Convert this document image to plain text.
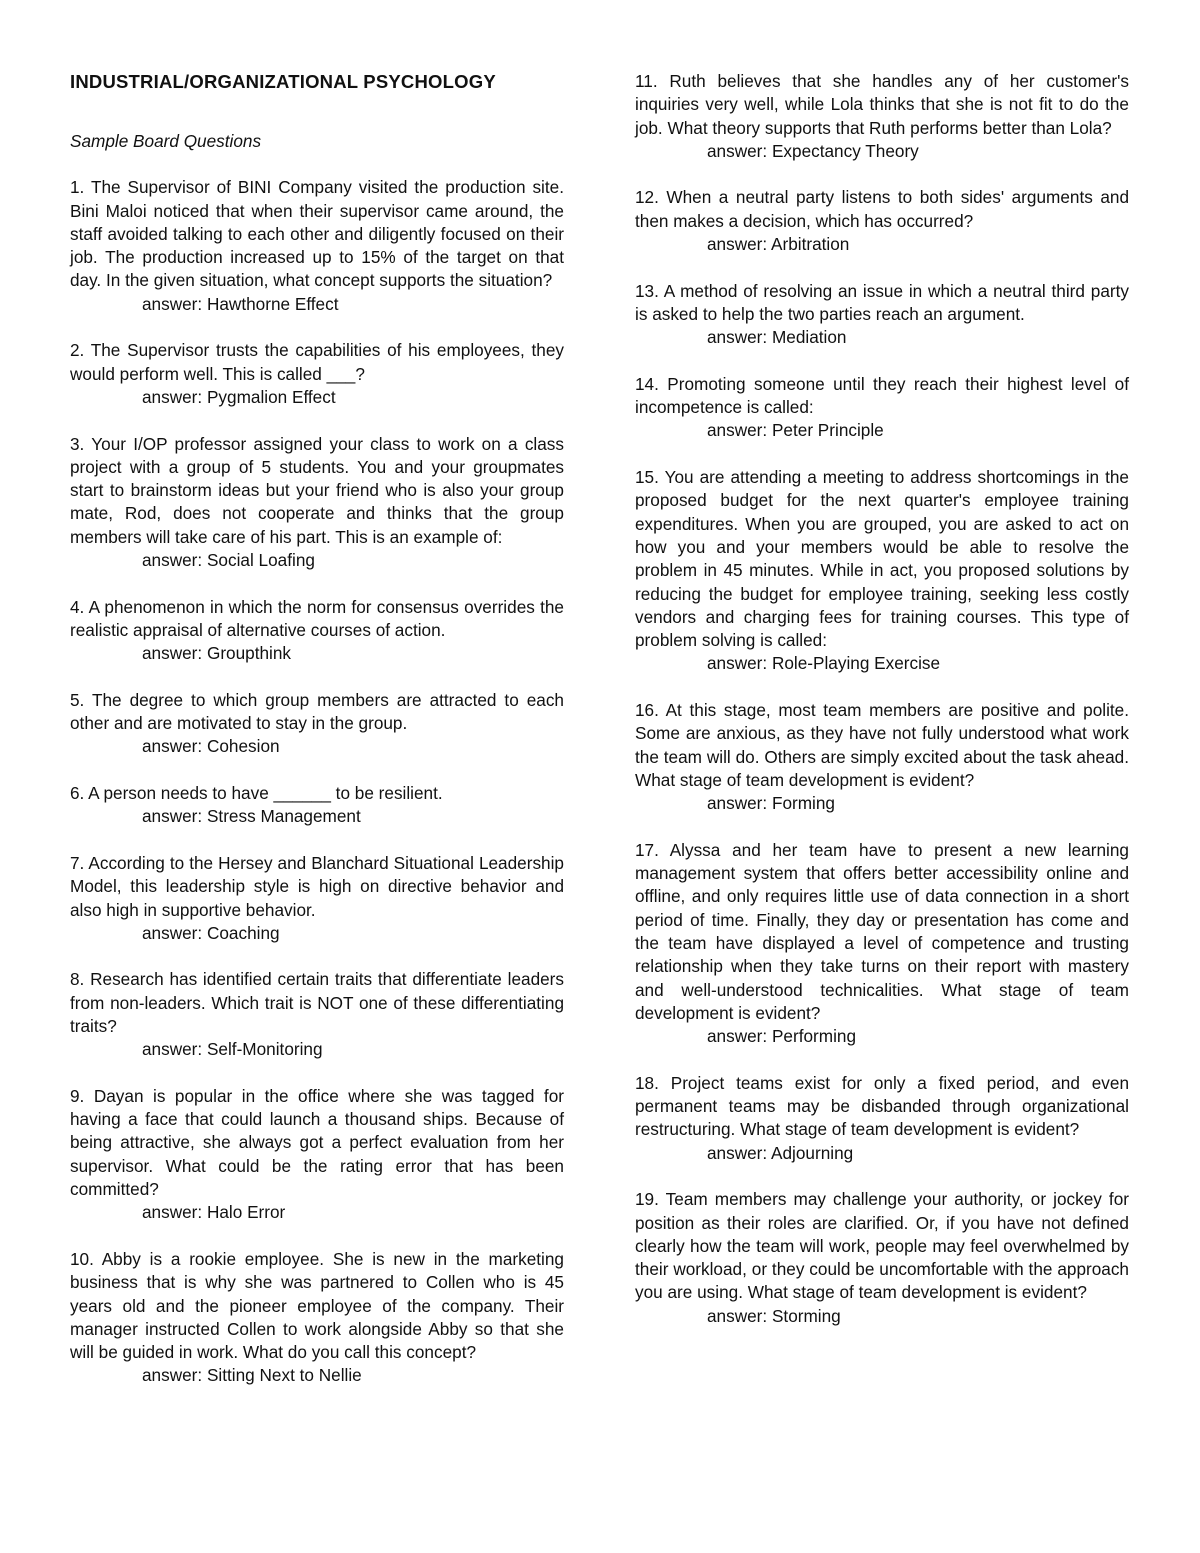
INDUSTRIAL/ORGANIZATIONAL PSYCHOLOGY

Sample Board Questions

1. The Supervisor of BINI Company visited the production site. Bini Maloi noticed that when their supervisor came around, the staff avoided talking to each other and diligently focused on their job. The production increased up to 15% of the target on that day. In the given situation, what concept supports the situation?

answer: Hawthorne Effect

2. The Supervisor trusts the capabilities of his employees, they would perform well. This is called ___?

answer: Pygmalion Effect

3. Your I/OP professor assigned your class to work on a class project with a group of 5 students. You and your groupmates start to brainstorm ideas but your friend who is also your group mate, Rod, does not cooperate and thinks that the group members will take care of his part. This is an example of:

answer: Social Loafing

4. A phenomenon in which the norm for consensus overrides the realistic appraisal of alternative courses of action.

answer: Groupthink

5. The degree to which group members are attracted to each other and are motivated to stay in the group.

answer: Cohesion

6. A person needs to have ______ to be resilient.

answer: Stress Management

7. According to the Hersey and Blanchard Situational Leadership Model, this leadership style is high on directive behavior and also high in supportive behavior.

answer: Coaching

8. Research has identified certain traits that differentiate leaders from non-leaders. Which trait is NOT one of these differentiating traits?

answer: Self-Monitoring

9. Dayan is popular in the office where she was tagged for having a face that could launch a thousand ships. Because of being attractive, she always got a perfect evaluation from her supervisor. What could be the rating error that has been committed?

answer: Halo Error

10. Abby is a rookie employee. She is new in the marketing business that is why she was partnered to Collen who is 45 years old and the pioneer employee of the company. Their manager instructed Collen to work alongside Abby so that she will be guided in work. What do you call this concept?

answer: Sitting Next to Nellie

11. Ruth believes that she handles any of her customer's inquiries very well, while Lola thinks that she is not fit to do the job. What theory supports that Ruth performs better than Lola?

answer: Expectancy Theory

12. When a neutral party listens to both sides' arguments and then makes a decision, which has occurred?

answer: Arbitration

13. A method of resolving an issue in which a neutral third party is asked to help the two parties reach an argument.

answer: Mediation

14. Promoting someone until they reach their highest level of incompetence is called:

answer: Peter Principle

15. You are attending a meeting to address shortcomings in the proposed budget for the next quarter's employee training expenditures. When you are grouped, you are asked to act on how you and your members would be able to resolve the problem in 45 minutes. While in act, you proposed solutions by reducing the budget for employee training, seeking less costly vendors and charging fees for training courses. This type of problem solving is called:

answer: Role-Playing Exercise

16. At this stage, most team members are positive and polite. Some are anxious, as they have not fully understood what work the team will do. Others are simply excited about the task ahead. What stage of team development is evident?

answer: Forming

17. Alyssa and her team have to present a new learning management system that offers better accessibility online and offline, and only requires little use of data connection in a short period of time. Finally, they day or presentation has come and the team have displayed a level of competence and trusting relationship when they take turns on their report with mastery and well-understood technicalities. What stage of team development is evident?

answer: Performing

18. Project teams exist for only a fixed period, and even permanent teams may be disbanded through organizational restructuring. What stage of team development is evident?

answer: Adjourning

19. Team members may challenge your authority, or jockey for position as their roles are clarified. Or, if you have not defined clearly how the team will work, people may feel overwhelmed by their workload, or they could be uncomfortable with the approach you are using. What stage of team development is evident?

answer: Storming
